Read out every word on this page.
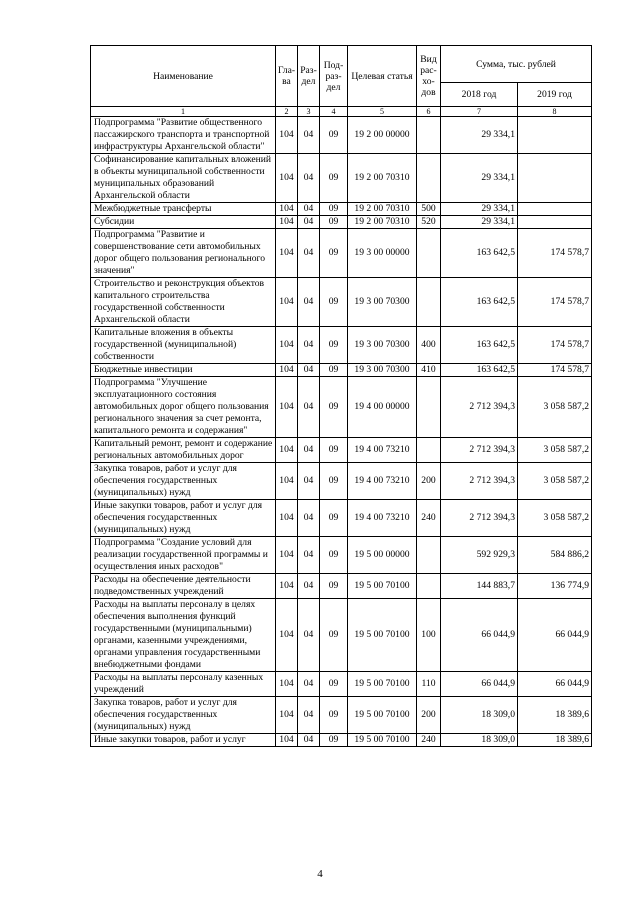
Наименование	Гла- ва	Раз- дел	Под- раз- дел	Целевая статья	Вид рас- хо- дов	Сумма, тыс. рублей	
						2018 год	2019 год
1	2	3	4	5	6	7	8
Подпрограмма "Развитие общественного пассажирского транспорта и транспортной инфраструктуры Архангельской области"	104	04	09	19 2 00 00000		29 334,1	
Софинансирование капитальных вложений в объекты муниципальной собственности муниципальных образований Архангельской области	104	04	09	19 2 00 70310		29 334,1	
Межбюджетные трансферты	104	04	09	19 2 00 70310	500	29 334,1	
Субсидии	104	04	09	19 2 00 70310	520	29 334,1	
Подпрограмма "Развитие и совершенствование сети автомобильных дорог общего пользования регионального значения"	104	04	09	19 3 00 00000		163 642,5	174 578,7
Строительство и реконструкция объектов капитального строительства государственной собственности Архангельской области	104	04	09	19 3 00 70300		163 642,5	174 578,7
Капитальные вложения в объекты государственной (муниципальной) собственности	104	04	09	19 3 00 70300	400	163 642,5	174 578,7
Бюджетные инвестиции	104	04	09	19 3 00 70300	410	163 642,5	174 578,7
Подпрограмма "Улучшение эксплуатационного состояния автомобильных дорог общего пользования регионального значения за счет ремонта, капитального ремонта и содержания"	104	04	09	19 4 00 00000		2 712 394,3	3 058 587,2
Капитальный ремонт, ремонт и содержание региональных автомобильных дорог	104	04	09	19 4 00 73210		2 712 394,3	3 058 587,2
Закупка товаров, работ и услуг для обеспечения государственных (муниципальных) нужд	104	04	09	19 4 00 73210	200	2 712 394,3	3 058 587,2
Иные закупки товаров, работ и услуг для обеспечения государственных (муниципальных) нужд	104	04	09	19 4 00 73210	240	2 712 394,3	3 058 587,2
Подпрограмма "Создание условий для реализации государственной программы и осуществления иных расходов"	104	04	09	19 5 00 00000		592 929,3	584 886,2
Расходы на обеспечение деятельности подведомственных учреждений	104	04	09	19 5 00 70100		144 883,7	136 774,9
Расходы на выплаты персоналу в целях обеспечения выполнения функций государственными (муниципальными) органами, казенными учреждениями, органами управления государственными внебюджетными фондами	104	04	09	19 5 00 70100	100	66 044,9	66 044,9
Расходы на выплаты персоналу казенных учреждений	104	04	09	19 5 00 70100	110	66 044,9	66 044,9
Закупка товаров, работ и услуг для обеспечения государственных (муниципальных) нужд	104	04	09	19 5 00 70100	200	18 309,0	18 389,6
Иные закупки товаров, работ и услуг	104	04	09	19 5 00 70100	240	18 309,0	18 389,6
4
